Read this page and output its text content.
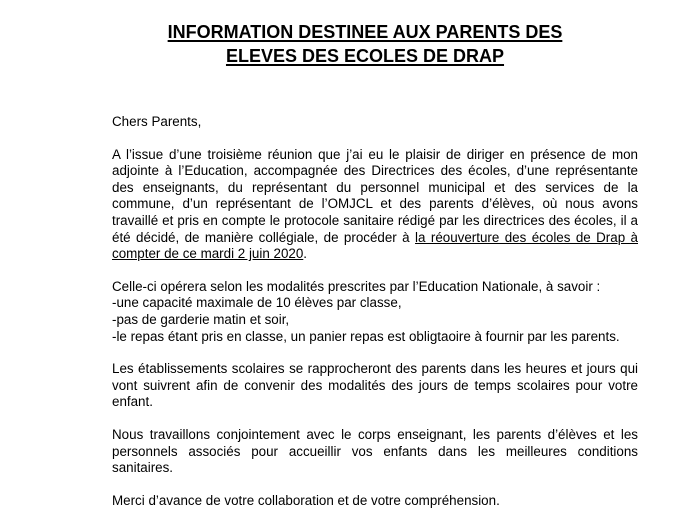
INFORMATION DESTINEE AUX PARENTS DES
ELEVES DES ECOLES DE DRAP

Chers Parents,

A l’issue d’une troisième réunion que j’ai eu le plaisir de diriger en présence de mon adjointe à l’Education, accompagnée des Directrices des écoles, d’une représentante des enseignants, du représentant du personnel municipal et des services de la commune, d’un représentant de l’OMJCL et des parents d’élèves, où nous avons travaillé et pris en compte le protocole sanitaire rédigé par les directrices des écoles, il a été décidé, de manière collégiale, de procéder à la réouverture des écoles de Drap à compter de ce mardi 2 juin 2020.

Celle-ci opérera selon les modalités prescrites par l’Education Nationale, à savoir :
-une capacité maximale de 10 élèves par classe,
-pas de garderie matin et soir,
-le repas étant pris en classe, un panier repas est obligtaoire à fournir par les parents.

Les établissements scolaires se rapprocheront des parents dans les heures et jours qui vont suivrent afin de convenir des modalités des jours de temps scolaires pour votre enfant.

Nous travaillons conjointement avec le corps enseignant, les parents d’élèves et les personnels associés pour accueillir vos enfants dans les meilleures conditions sanitaires.

Merci d’avance de votre collaboration et de votre compréhension.
